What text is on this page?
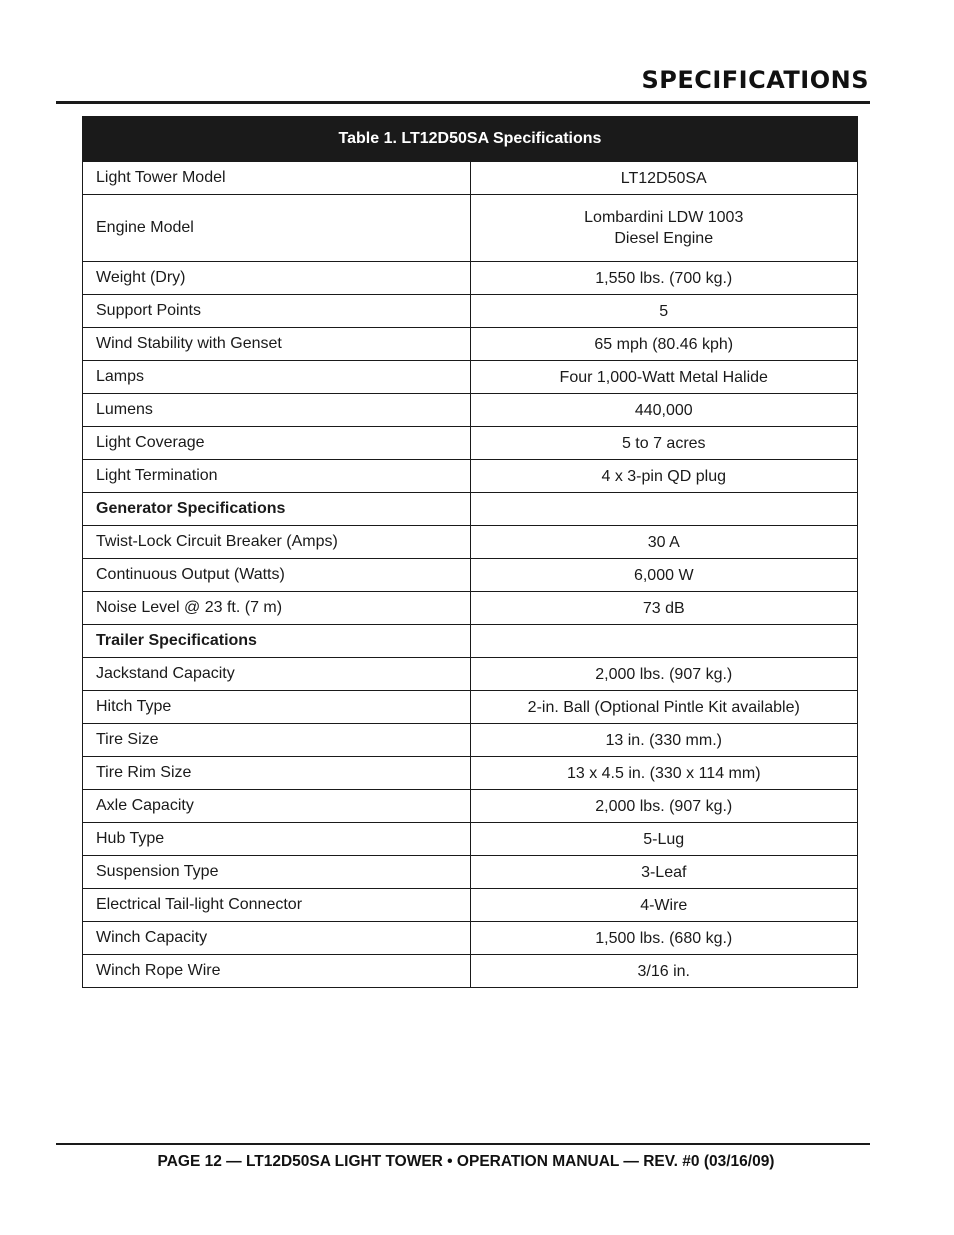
SPECIFICATIONS
Table 1. LT12D50SA Specifications	
Light Tower Model	LT12D50SA

Engine Model	Lombardini LDW 1003
Diesel Engine

Weight (Dry)	1,550 lbs. (700 kg.)

Support Points	5

Wind Stability with Genset	65 mph (80.46 kph)

Lamps	Four 1,000-Watt Metal Halide

Lumens	440,000

Light Coverage	5 to 7 acres

Light Termination	4 x 3-pin QD plug

Generator Specifications	
Twist-Lock Circuit Breaker (Amps)	30 A

Continuous Output (Watts)	6,000 W

Noise Level @ 23 ft. (7 m)	73 dB

Trailer Specifications	
Jackstand Capacity	2,000 lbs. (907 kg.)

Hitch Type	2-in. Ball (Optional Pintle Kit available)

Tire Size	13 in. (330 mm.)

Tire Rim Size	13 x 4.5 in. (330 x 114 mm)

Axle Capacity	2,000 lbs. (907 kg.)

Hub Type	5-Lug

Suspension Type	3-Leaf

Electrical Tail-light Connector	4-Wire

Winch Capacity	1,500 lbs. (680 kg.)

Winch Rope Wire	3/16 in.
PAGE 12 — LT12D50SA LIGHT TOWER • OPERATION MANUAL — REV. #0 (03/16/09)
